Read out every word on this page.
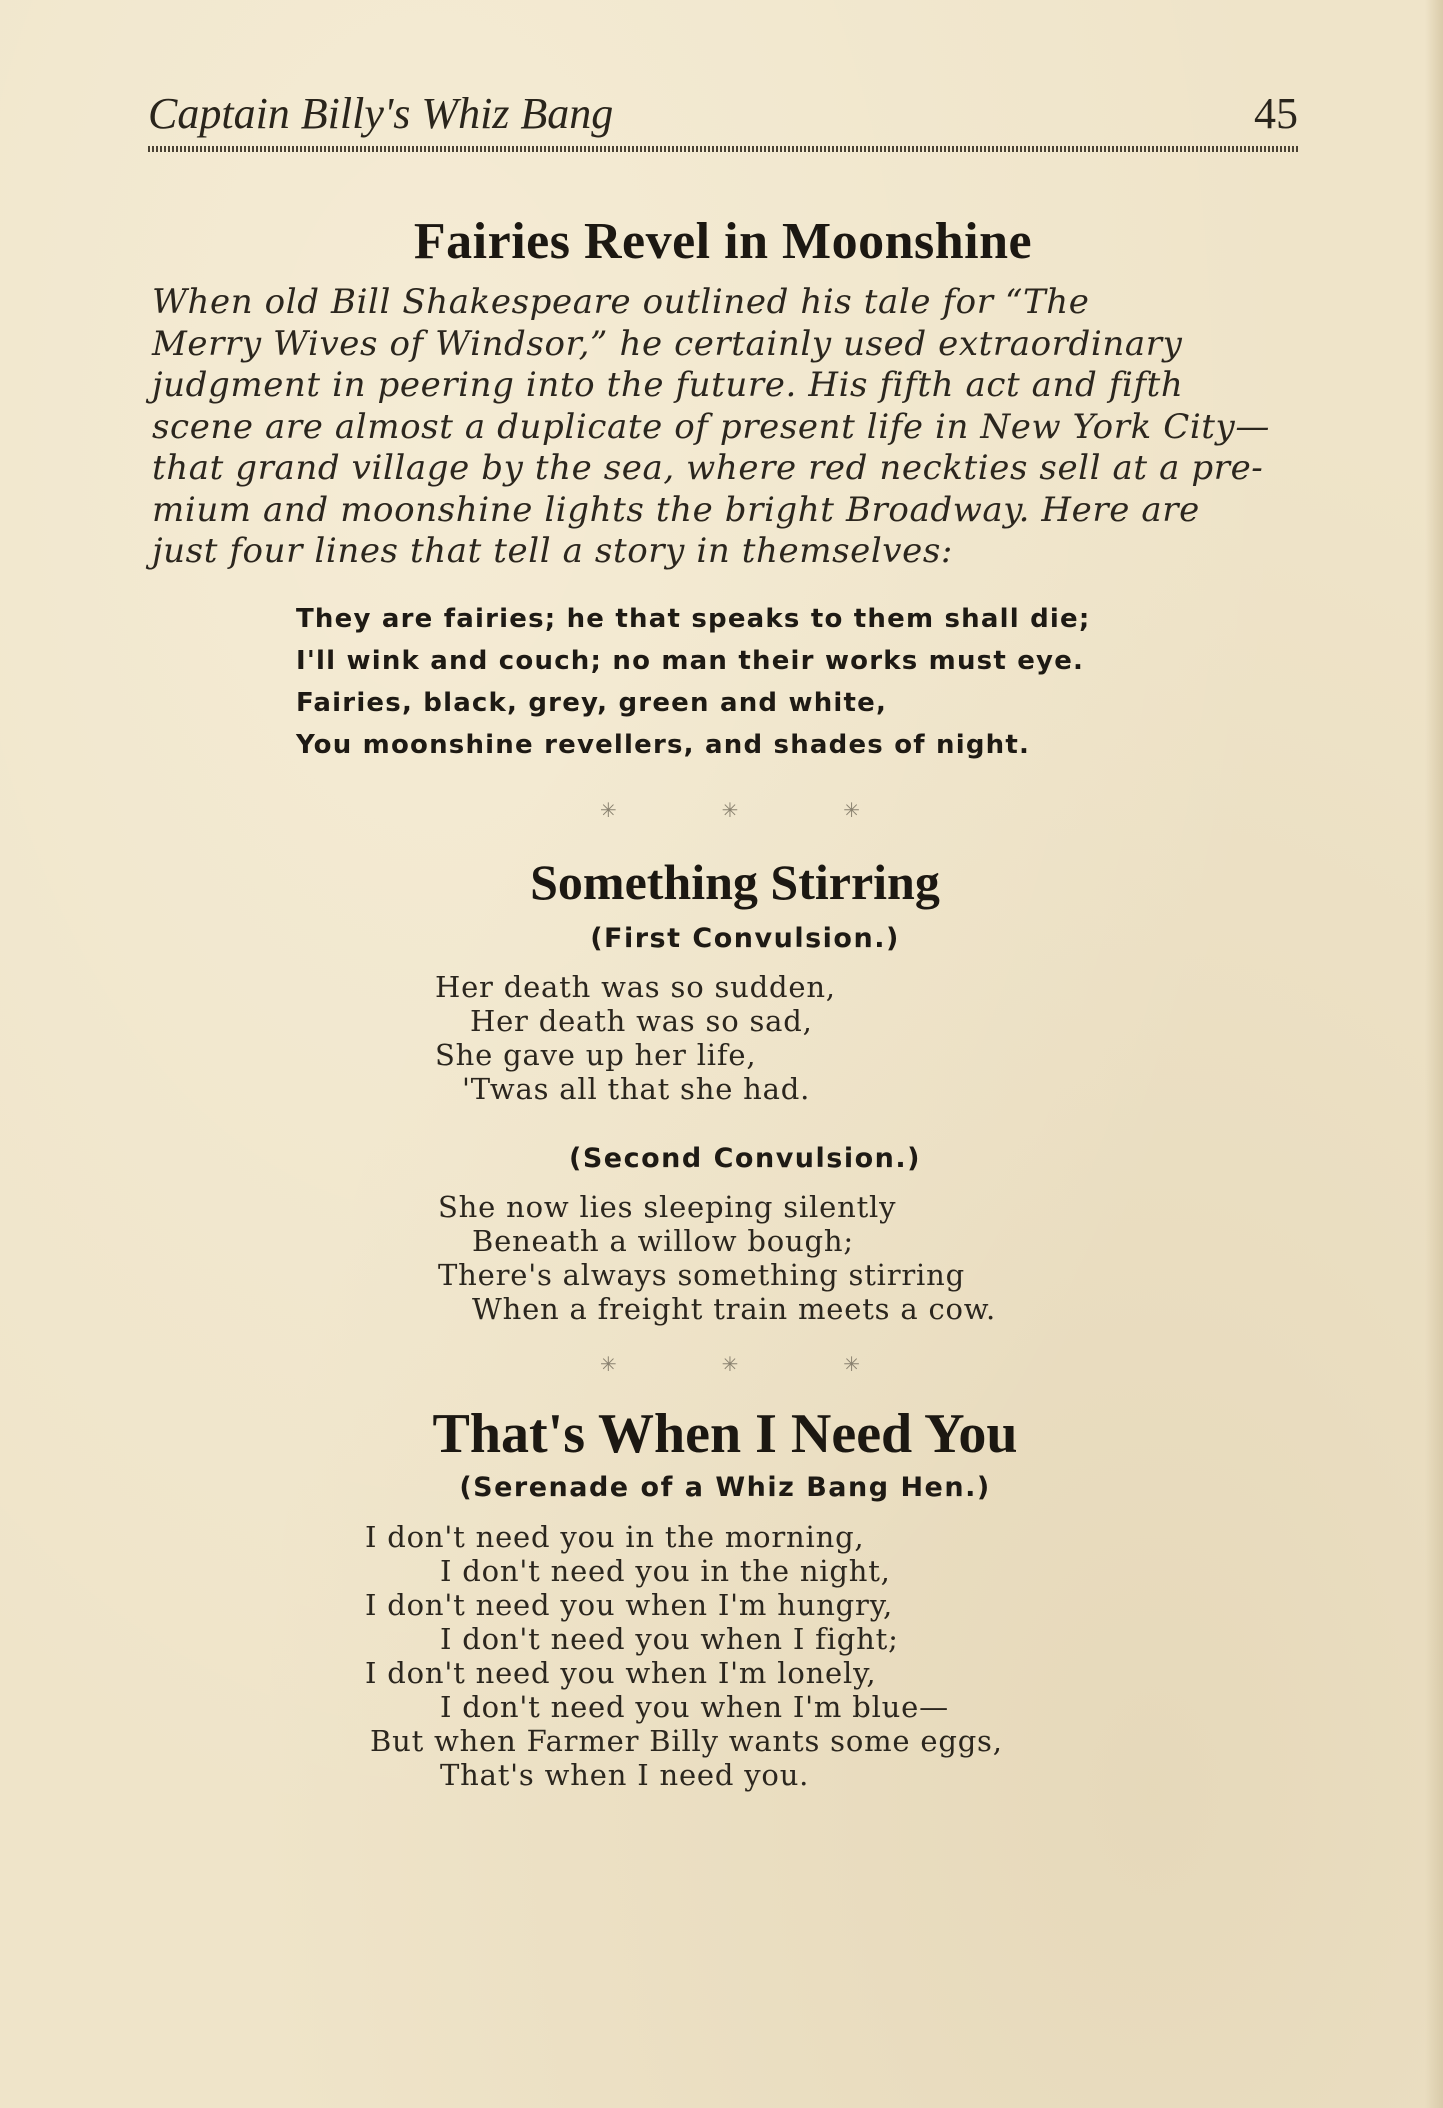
Captain Billy's Whiz Bang	45
Fairies Revel in Moonshine
When old Bill Shakespeare outlined his tale for “The
Merry Wives of Windsor,” he certainly used extraordinary
judgment in peering into the future. His fifth act and fifth
scene are almost a duplicate of present life in New York City—
that grand village by the sea, where red neckties sell at a pre-
mium and moonshine lights the bright Broadway. Here are
just four lines that tell a story in themselves:
They are fairies; he that speaks to them shall die;
I'll wink and couch; no man their works must eye.
Fairies, black, grey, green and white,
You moonshine revellers, and shades of night.
✳	✳	✳
Something Stirring
(First Convulsion.)
Her death was so sudden,
Her death was so sad,
She gave up her life,
'Twas all that she had.
(Second Convulsion.)
She now lies sleeping silently
Beneath a willow bough;
There's always something stirring
When a freight train meets a cow.
✳	✳	✳
That's When I Need You
(Serenade of a Whiz Bang Hen.)
I don't need you in the morning,
I don't need you in the night,
I don't need you when I'm hungry,
I don't need you when I fight;
I don't need you when I'm lonely,
I don't need you when I'm blue—
But when Farmer Billy wants some eggs,
That's when I need you.
